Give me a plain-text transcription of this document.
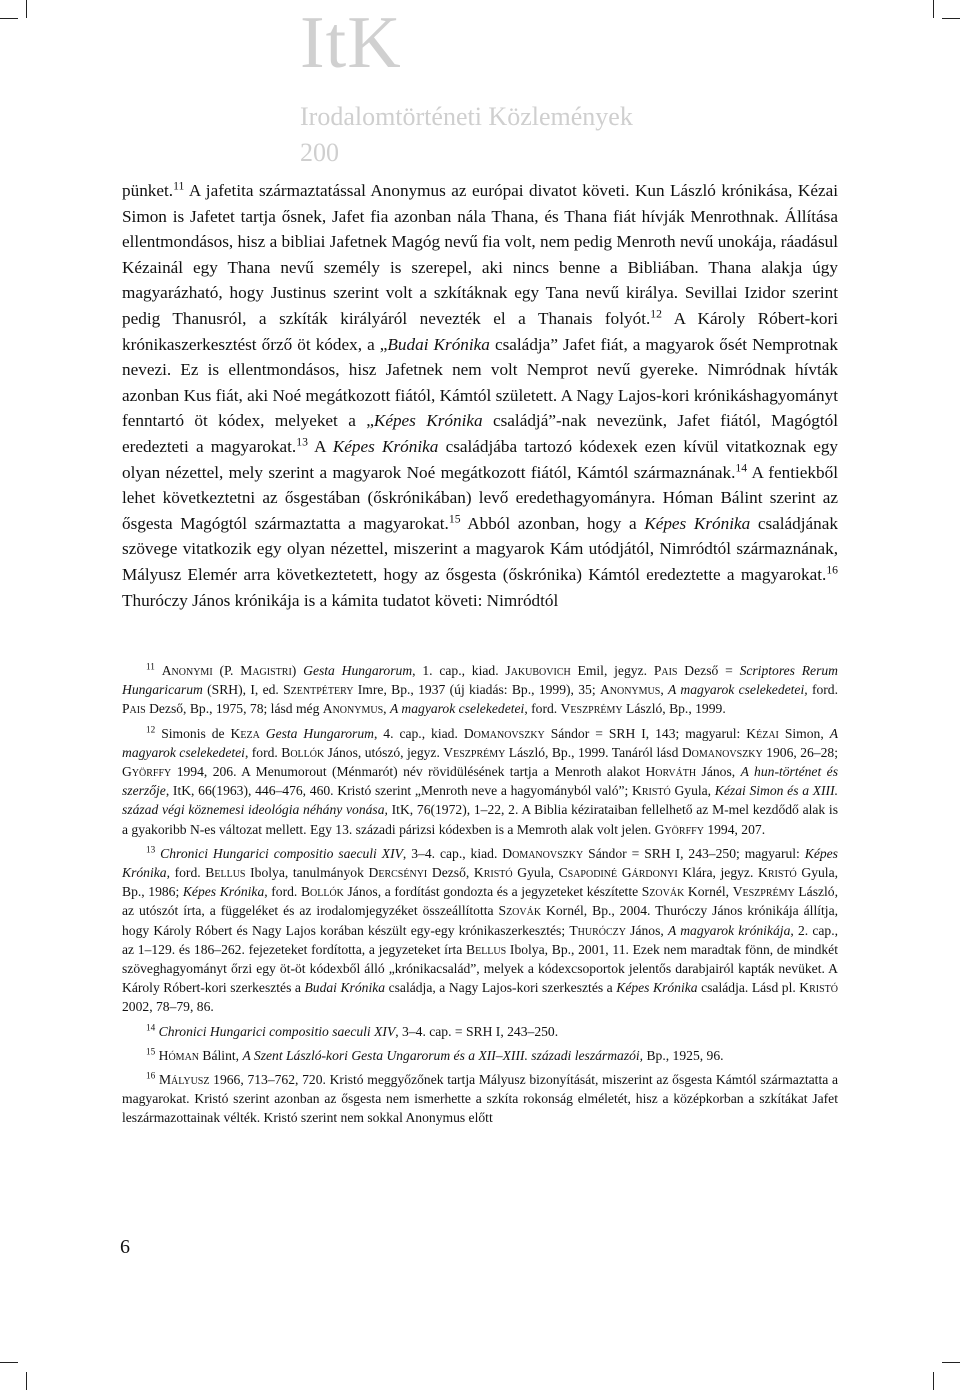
ItK
Irodalomtörténeti Közlemények
200

pünket.$^{11}$ A jafetita származtatással Anonymus az európai divatot követi. Kun László krónikása, Kézai Simon is Jafetet tartja ősnek, Jafet fia azonban nála Thana, és Thana fiát hívják Menrothnak. Állítása ellentmondásos, hisz a bibliai Jafetnek Magóg nevű fia volt, nem pedig Menroth nevű unokája, ráadásul Kézainál egy Thana nevű személy is szerepel, aki nincs benne a Bibliában. Thana alakja úgy magyarázható, hogy Justinus szerint volt a szkítáknak egy Tana nevű királya. Sevillai Izidor szerint pedig Thanusról, a szkíták királyáról nevezték el a Thanais folyót.$^{12}$ A Károly Róbert-kori krónikaszerkesztést őrző öt kódex, a „Budai Krónika családja” Jafet fiát, a magyarok ősét Nemprotnak nevezi. Ez is ellentmondásos, hisz Jafetnek nem volt Nemprot nevű gyereke. Nimródnak hívták azonban Kus fiát, aki Noé megátkozott fiától, Kámtól született. A Nagy Lajos-kori krónikáshagyományt fenntartó öt kódex, melyeket a „Képes Krónika családjá”-nak nevezünk, Jafet fiától, Magógtól eredezteti a magyarokat.$^{13}$ A Képes Krónika családjába tartozó kódexek ezen kívül vitatkoznak egy olyan nézettel, mely szerint a magyarok Noé megátkozott fiától, Kámtól származnának.$^{14}$ A fentiekből lehet következtetni az ősgestában (őskrónikában) levő eredethagyományra. Hóman Bálint szerint az ősgesta Magógtól származtatta a magyarokat.$^{15}$ Abból azonban, hogy a Képes Krónika családjának szövege vitatkozik egy olyan nézettel, miszerint a magyarok Kám utódjától, Nimródtól származnának, Mályusz Elemér arra következtetett, hogy az ősgesta (őskrónika) Kámtól eredeztette a magyarokat.$^{16}$ Thuróczy János krónikája is a kámita tudatot követi: Nimródtól

$^{11}$ Anonymi (P. Magistri) Gesta Hungarorum, 1. cap., kiad. Jakubovich Emil, jegyz. Pais Dezső = Scriptores Rerum Hungaricarum (SRH), I, ed. Szentpétery Imre, Bp., 1937 (új kiadás: Bp., 1999), 35; Anonymus, A magyarok cselekedetei, ford. Pais Dezső, Bp., 1975, 78; lásd még Anonymus, A magyarok cselekedetei, ford. Veszprémy László, Bp., 1999.

$^{12}$ Simonis de Keza Gesta Hungarorum, 4. cap., kiad. Domanovszky Sándor = SRH I, 143; magyarul: Kézai Simon, A magyarok cselekedetei, ford. Bollók János, utószó, jegyz. Veszprémy László, Bp., 1999. Tanáról lásd Domanovszky 1906, 26–28; Györffy 1994, 206. A Menumorout (Ménmarót) név rövidülésének tartja a Menroth alakot Horváth János, A hun-történet és szerzője, ItK, 66(1963), 446–476, 460. Kristó szerint „Menroth neve a hagyományból való”; Kristó Gyula, Kézai Simon és a XIII. század végi köznemesi ideológia néhány vonása, ItK, 76(1972), 1–22, 2. A Biblia kézirataiban fellelhető az M-mel kezdődő alak is a gyakoribb N-es változat mellett. Egy 13. századi párizsi kódexben is a Memroth alak volt jelen. Györffy 1994, 207.

$^{13}$ Chronici Hungarici compositio saeculi XIV, 3–4. cap., kiad. Domanovszky Sándor = SRH I, 243–250; magyarul: Képes Krónika, ford. Bellus Ibolya, tanulmányok Dercsényi Dezső, Kristó Gyula, Csapodiné Gárdonyi Klára, jegyz. Kristó Gyula, Bp., 1986; Képes Krónika, ford. Bollók János, a fordítást gondozta és a jegyzeteket készítette Szovák Kornél, Veszprémy László, az utószót írta, a függeléket és az irodalomjegyzéket összeállította Szovák Kornél, Bp., 2004. Thuróczy János krónikája állítja, hogy Károly Róbert és Nagy Lajos korában készült egy-egy krónikaszerkesztés; Thuróczy János, A magyarok krónikája, 2. cap., az 1–129. és 186–262. fejezeteket fordította, a jegyzeteket írta Bellus Ibolya, Bp., 2001, 11. Ezek nem maradtak fönn, de mindkét szöveghagyományt őrzi egy öt-öt kódexből álló „krónikacsalád”, melyek a kódexcsoportok jelentős darabjairól kapták nevüket. A Károly Róbert-kori szerkesztés a Budai Krónika családja, a Nagy Lajos-kori szerkesztés a Képes Krónika családja. Lásd pl. Kristó 2002, 78–79, 86.

$^{14}$ Chronici Hungarici compositio saeculi XIV, 3–4. cap. = SRH I, 243–250.

$^{15}$ Hóman Bálint, A Szent László-kori Gesta Ungarorum és a XII–XIII. századi leszármazói, Bp., 1925, 96.

$^{16}$ Mályusz 1966, 713–762, 720. Kristó meggyőzőnek tartja Mályusz bizonyítását, miszerint az ősgesta Kámtól származtatta a magyarokat. Kristó szerint azonban az ősgesta nem ismerhette a szkíta rokonság elméletét, hisz a középkorban a szkítákat Jafet leszármazottainak vélték. Kristó szerint nem sokkal Anonymus előtt

6
